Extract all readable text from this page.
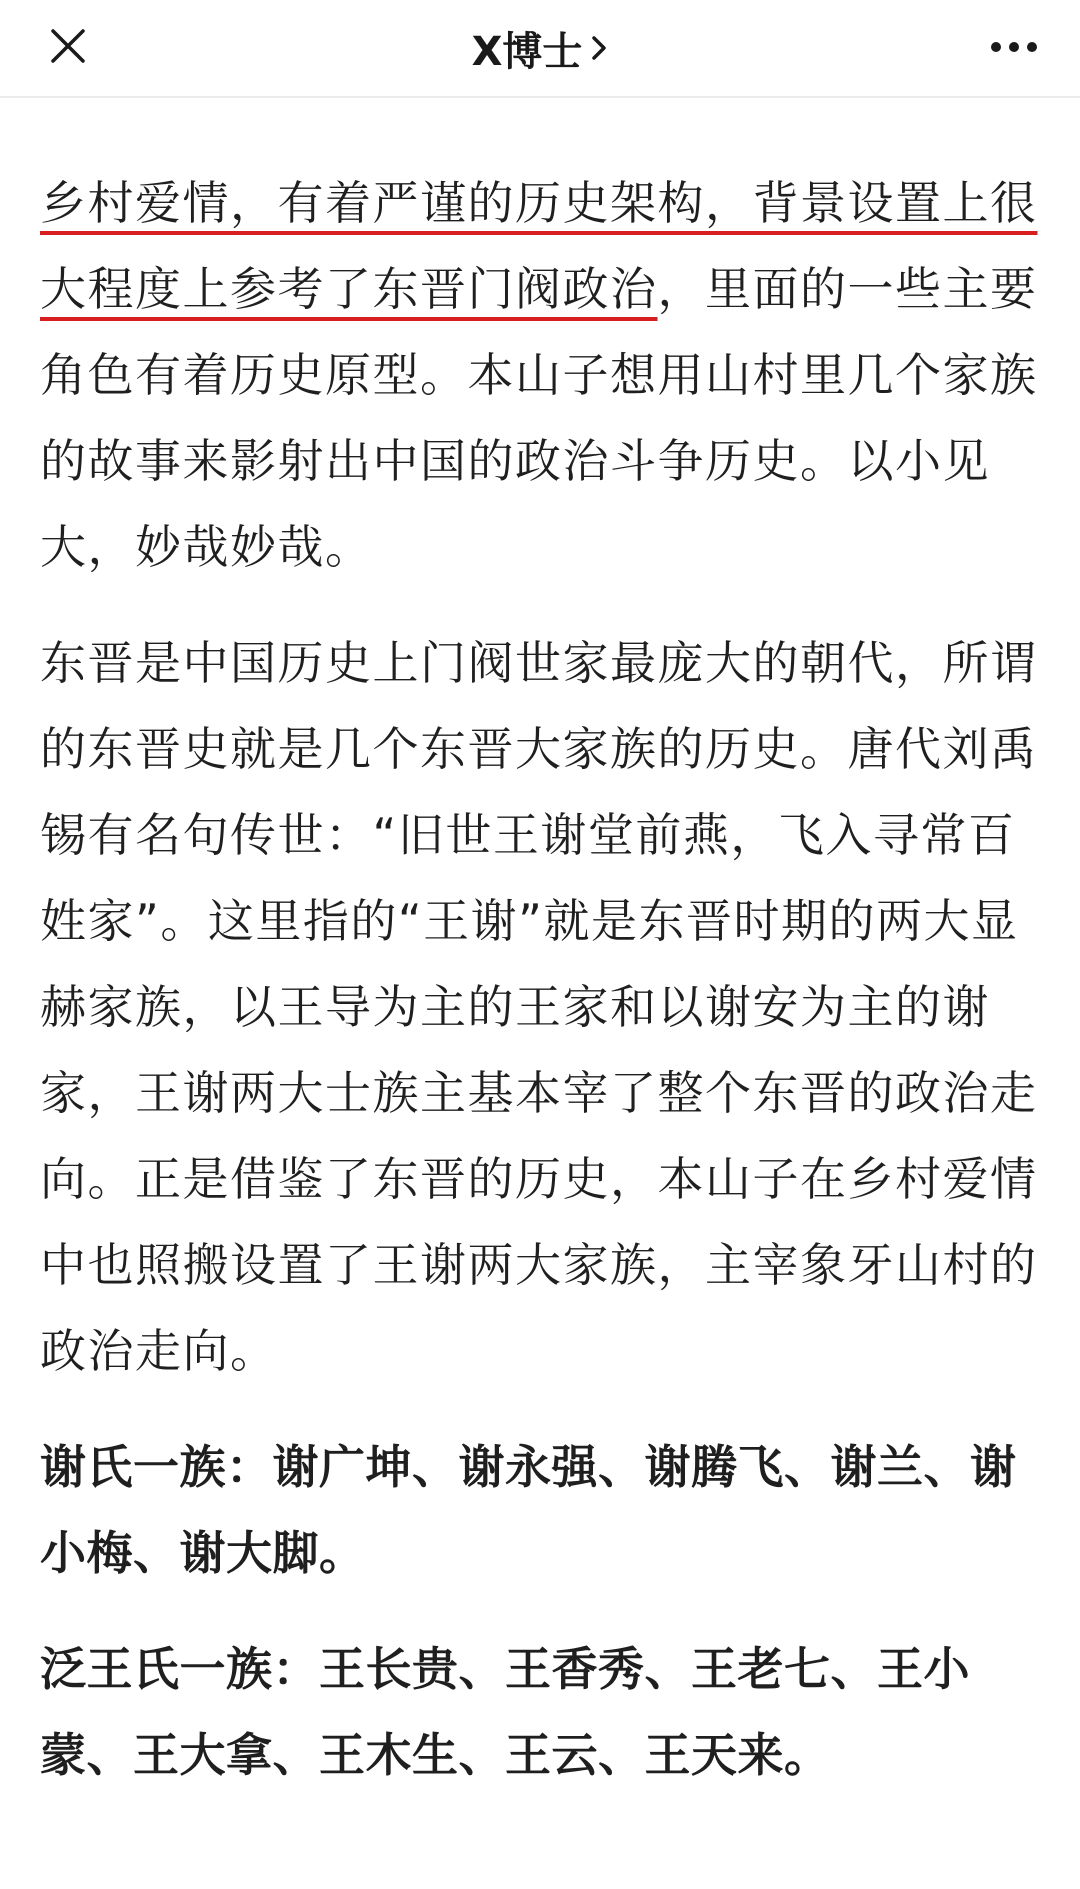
X博士

乡村爱情，有着严谨的历史架构，背景设置上很大程度上参考了东晋门阀政治，里面的一些主要角色有着历史原型。本山子想用山村里几个家族的故事来影射出中国的政治斗争历史。以小见大，妙哉妙哉。

东晋是中国历史上门阀世家最庞大的朝代，所谓的东晋史就是几个东晋大家族的历史。唐代刘禹锡有名句传世：“旧世王谢堂前燕，飞入寻常百姓家”。这里指的“王谢”就是东晋时期的两大显赫家族，以王导为主的王家和以谢安为主的谢家，王谢两大士族主基本宰了整个东晋的政治走向。正是借鉴了东晋的历史，本山子在乡村爱情中也照搬设置了王谢两大家族，主宰象牙山村的政治走向。

谢氏一族：谢广坤、谢永强、谢腾飞、谢兰、谢小梅、谢大脚。

泛王氏一族：王长贵、王香秀、王老七、王小蒙、王大拿、王木生、王云、王天来。
